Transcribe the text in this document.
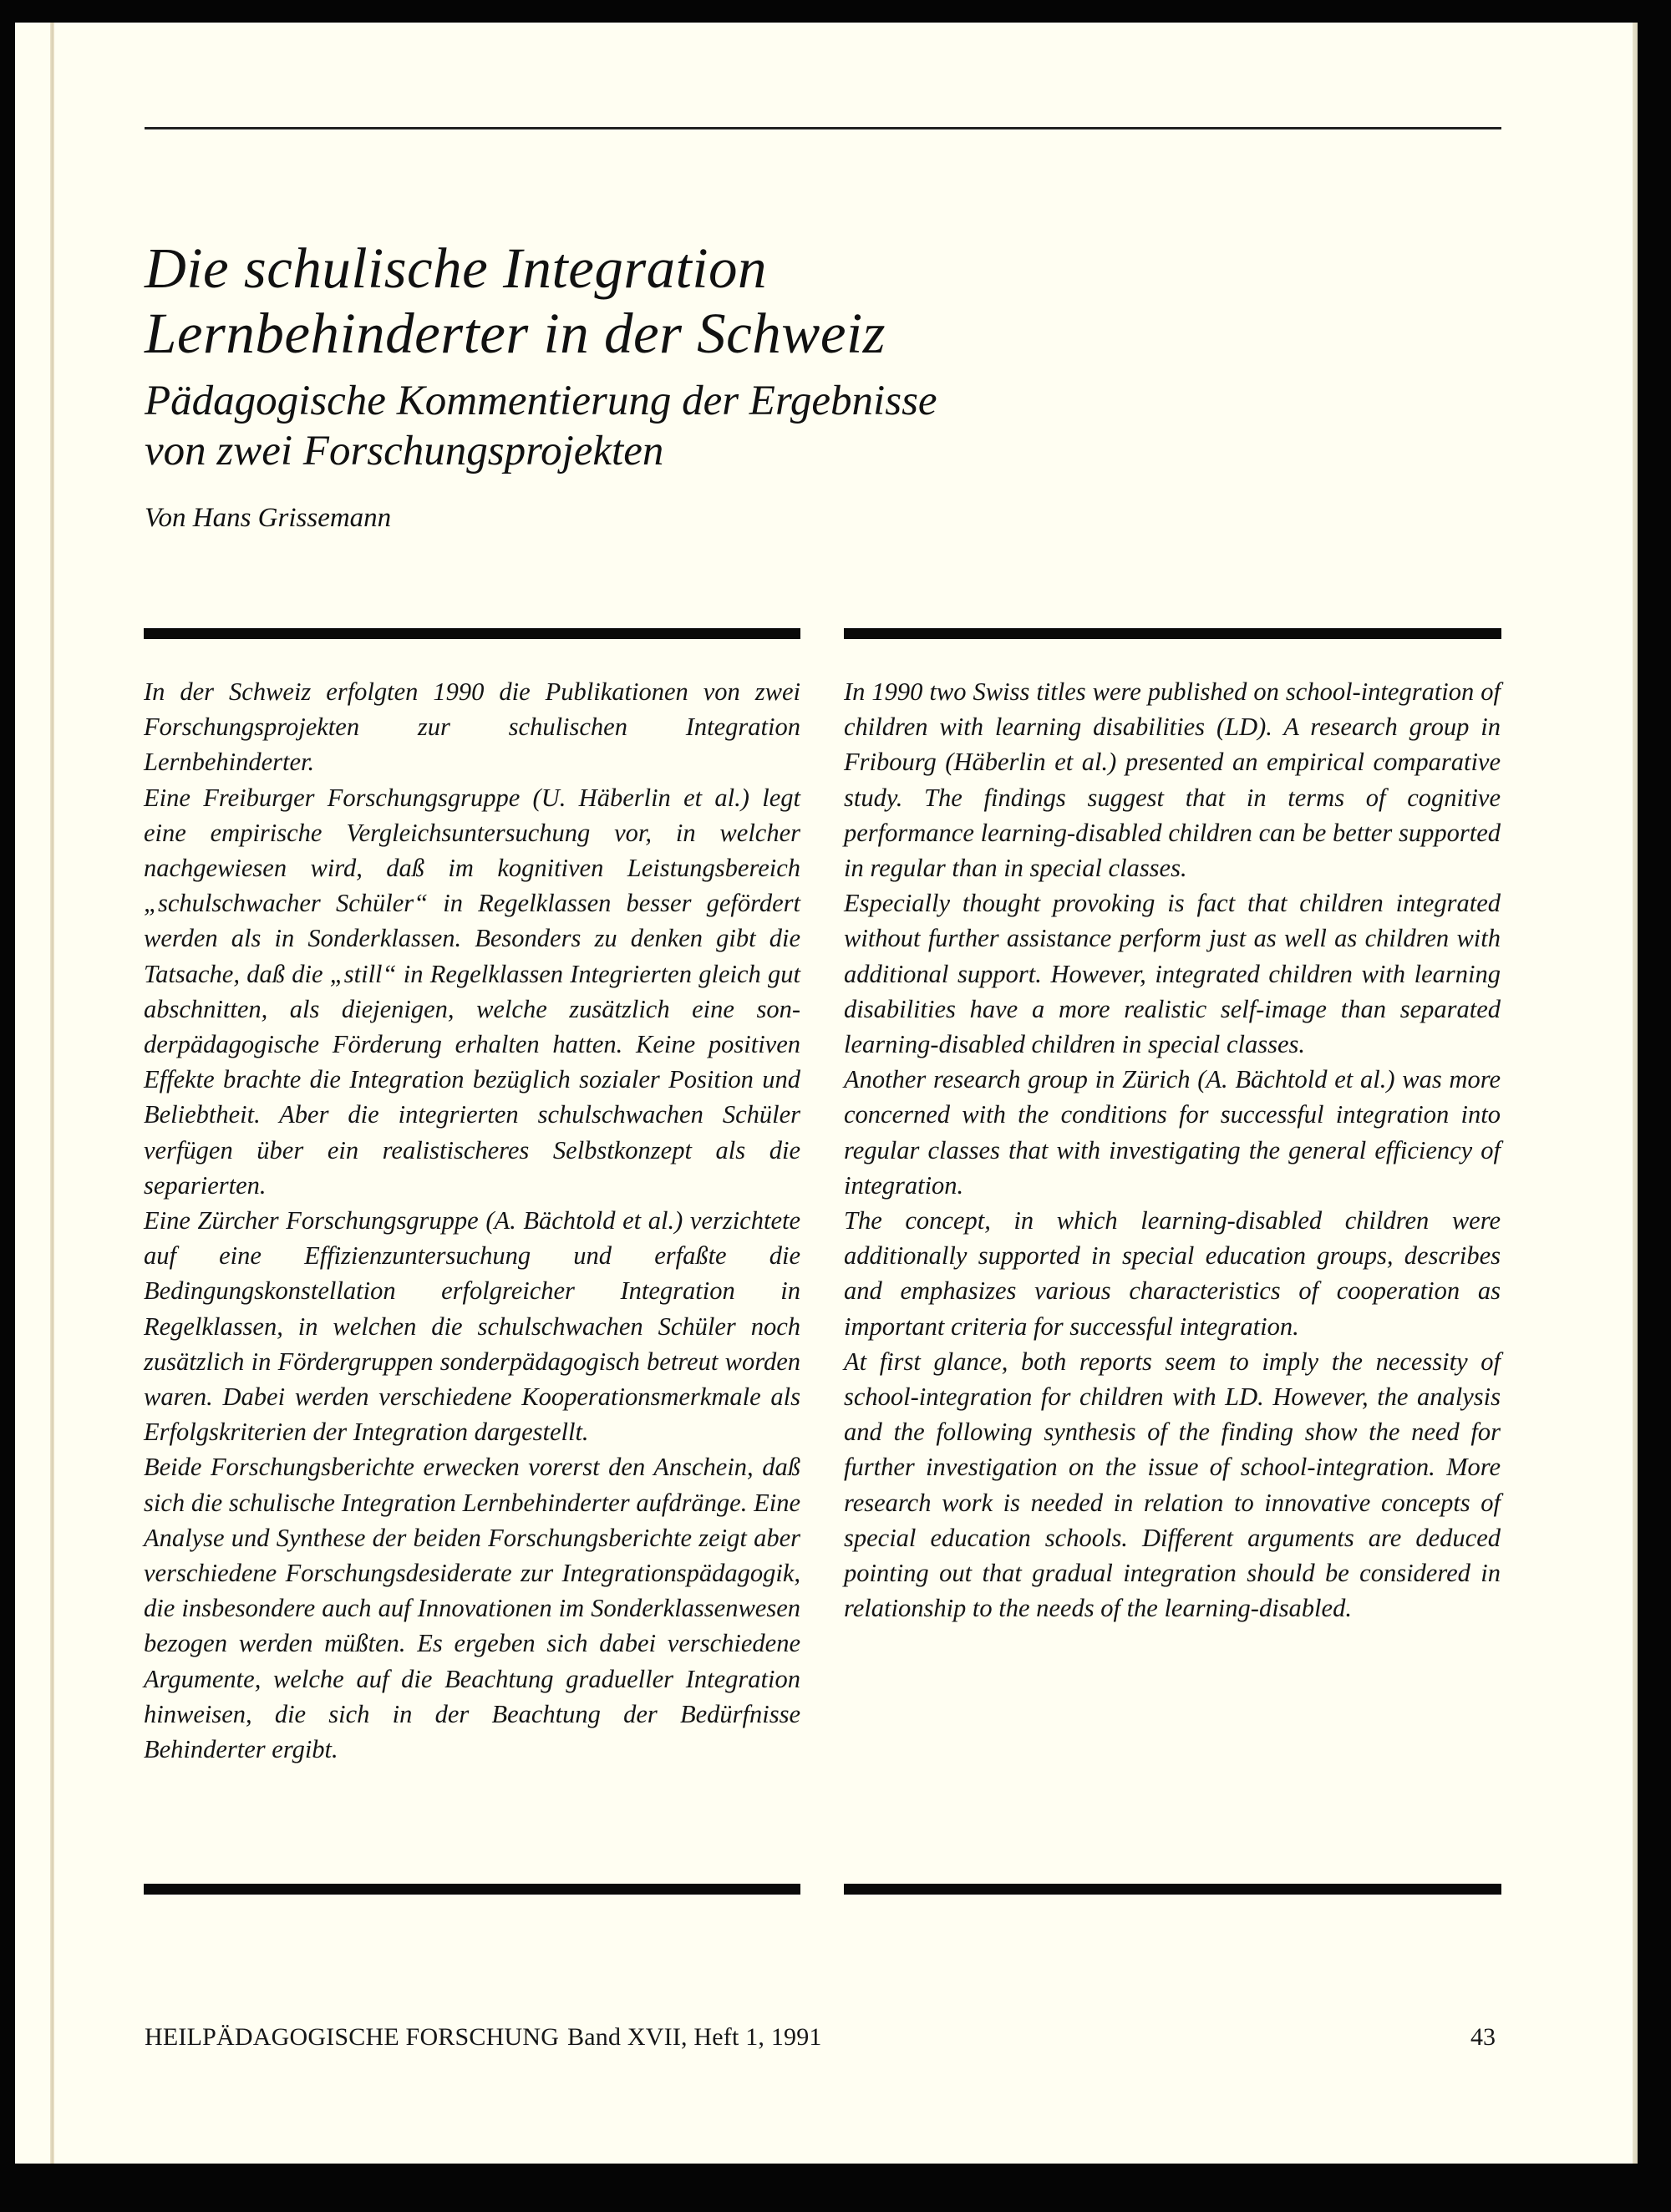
Die schulische Integration
Lernbehinderter in der Schweiz
Pädagogische Kommentierung der Ergebnisse
von zwei Forschungsprojekten

Von Hans Grissemann

In der Schweiz erfolgten 1990 die Publikationen von zwei Forschungsprojekten zur schulischen Integration Lernbehinderter.

Eine Freiburger Forschungsgruppe (U. Häberlin et al.) legt eine empirische Vergleichsuntersuchung vor, in welcher nachgewiesen wird, daß im kognitiven Leistungsbereich „schulschwacher Schüler“ in Regelklassen besser gefördert werden als in Sonderklassen. Besonders zu denken gibt die Tatsache, daß die „still“ in Regelklassen Integrierten gleich gut abschnitten, als diejenigen, welche zusätzlich eine sonderpädagogische Förderung erhalten hatten. Keine positiven Effekte brachte die Integration bezüglich sozialer Position und Beliebtheit. Aber die integrierten schulschwachen Schüler verfügen über ein realistischeres Selbstkonzept als die separierten.

Eine Zürcher Forschungsgruppe (A. Bächtold et al.) verzichtete auf eine Effizienzuntersuchung und erfaßte die Bedingungskonstellation erfolgreicher Integration in Regelklassen, in welchen die schulschwachen Schüler noch zusätzlich in Fördergruppen sonderpädagogisch betreut worden waren. Dabei werden verschiedene Kooperationsmerkmale als Erfolgskriterien der Integration dargestellt.

Beide Forschungsberichte erwecken vorerst den Anschein, daß sich die schulische Integration Lernbehinderter aufdränge. Eine Analyse und Synthese der beiden Forschungsberichte zeigt aber verschiedene Forschungsdesiderate zur Integrationspädagogik, die insbesondere auch auf Innovationen im Sonderklassenwesen bezogen werden müßten. Es ergeben sich dabei verschiedene Argumente, welche auf die Beachtung gradueller Integration hinweisen, die sich in der Beachtung der Bedürfnisse Behinderter ergibt.

In 1990 two Swiss titles were published on school-integration of children with learning disabilities (LD). A research group in Fribourg (Häberlin et al.) presented an empirical comparative study. The findings suggest that in terms of cognitive performance learning-disabled children can be better supported in regular than in special classes.

Especially thought provoking is fact that children integrated without further assistance perform just as well as children with additional support. However, integrated children with learning disabilities have a more realistic self-image than separated learning-disabled children in special classes.

Another research group in Zürich (A. Bächtold et al.) was more concerned with the conditions for successful integration into regular classes that with investigating the general efficiency of integration.

The concept, in which learning-disabled children were additionally supported in special education groups, describes and emphasizes various characteristics of cooperation as important criteria for successful integration.

At first glance, both reports seem to imply the necessity of school-integration for children with LD. However, the analysis and the following synthesis of the finding show the need for further investigation on the issue of school-integration. More research work is needed in relation to innovative concepts of special education schools. Different arguments are deduced pointing out that gradual integration should be considered in relationship to the needs of the learning-disabled.

HEILPÄDAGOGISCHE FORSCHUNG Band XVII, Heft 1, 1991	43
